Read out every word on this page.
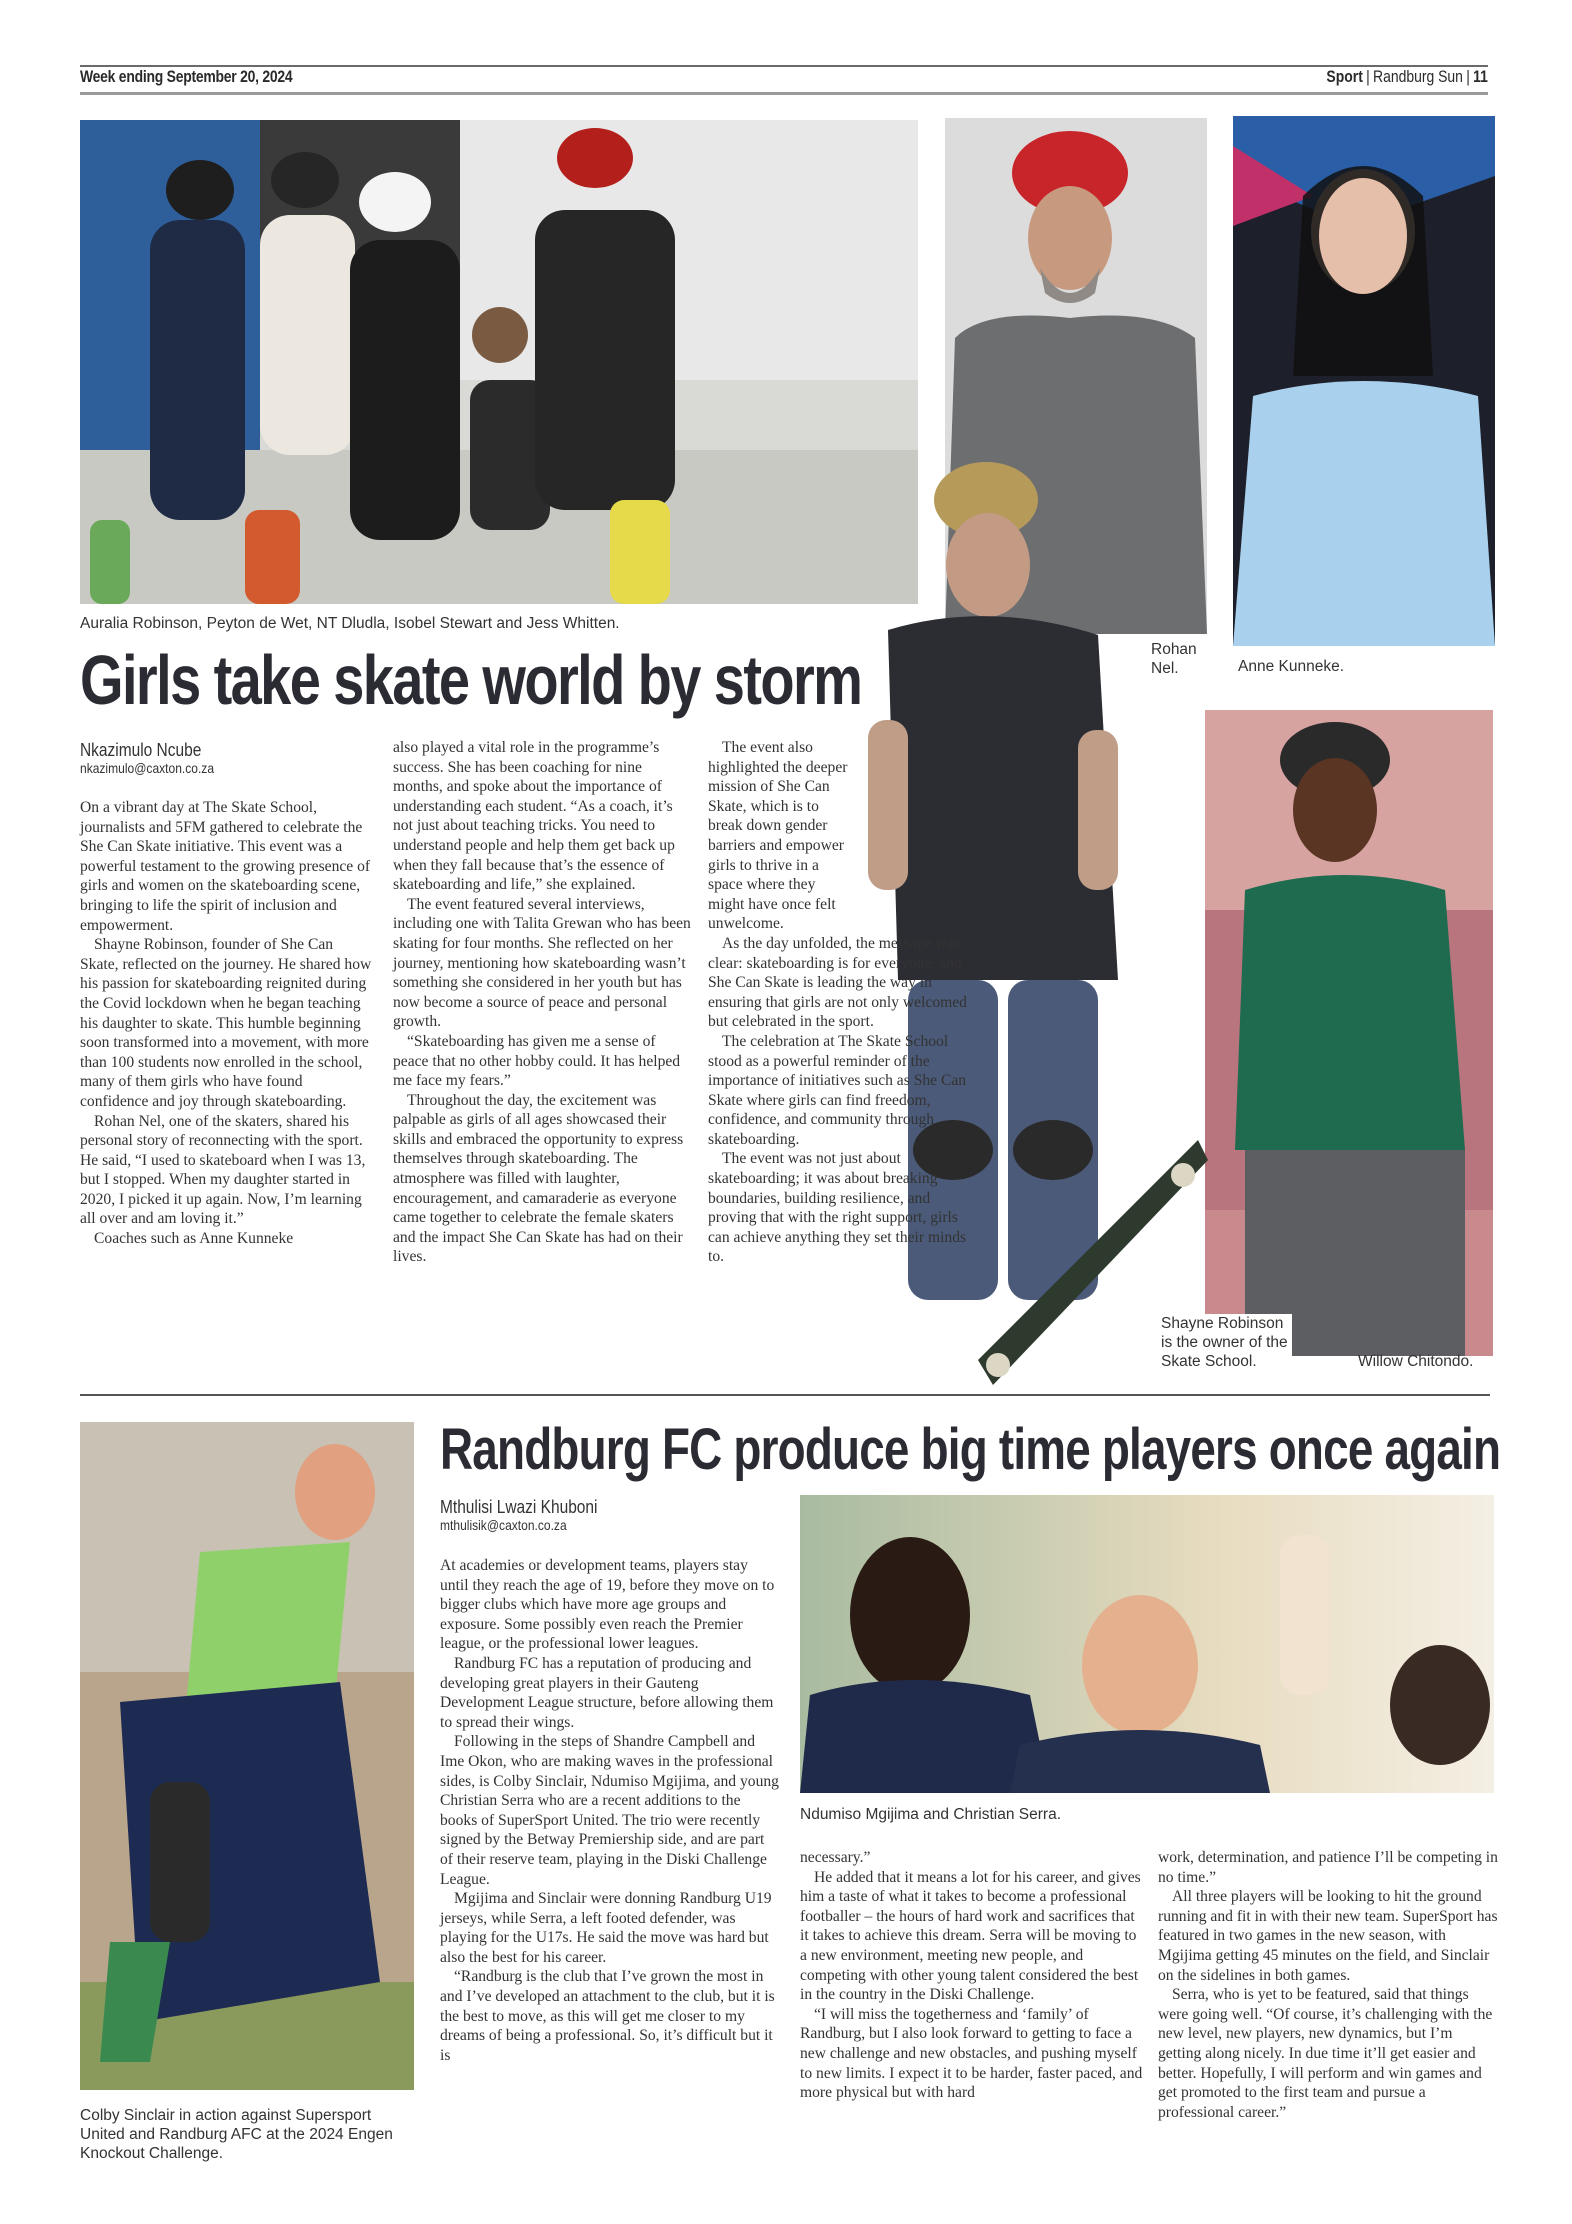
Week ending September 20, 2024	Sport | Randburg Sun | 11
Auralia Robinson, Peyton de Wet, NT Dludla, Isobel Stewart and Jess Whitten.
Rohan
Nel.	Anne Kunneke.
Willow Chitondo.
Shayne Robinson
is the owner of the
Skate School.
Girls take skate world by storm
Nkazimulo Ncube
nkazimulo@caxton.co.za

On a vibrant day at The Skate School, journalists and 5FM gathered to celebrate the She Can Skate initiative. This event was a powerful testament to the growing presence of girls and women on the skateboarding scene, bringing to life the spirit of inclusion and empowerment.

Shayne Robinson, founder of She Can Skate, reflected on the journey. He shared how his passion for skateboarding reignited during the Covid lockdown when he began teaching his daughter to skate. This humble beginning soon transformed into a movement, with more than 100 students now enrolled in the school, many of them girls who have found confidence and joy through skateboarding.

Rohan Nel, one of the skaters, shared his personal story of reconnecting with the sport. He said, “I used to skateboard when I was 13, but I stopped. When my daughter started in 2020, I picked it up again. Now, I’m learning all over and am loving it.”

Coaches such as Anne Kunneke

also played a vital role in the programme’s success. She has been coaching for nine months, and spoke about the importance of understanding each student. “As a coach, it’s not just about teaching tricks. You need to understand people and help them get back up when they fall because that’s the essence of skateboarding and life,” she explained.

The event featured several interviews, including one with Talita Grewan who has been skating for four months. She reflected on her journey, mentioning how skateboarding wasn’t something she considered in her youth but has now become a source of peace and personal growth.

“Skateboarding has given me a sense of peace that no other hobby could. It has helped me face my fears.”

Throughout the day, the excitement was palpable as girls of all ages showcased their skills and embraced the opportunity to express themselves through skateboarding. The atmosphere was filled with laughter, encouragement, and camaraderie as everyone came together to celebrate the female skaters and the impact She Can Skate has had on their lives.

The event also highlighted the deeper mission of She Can Skate, which is to break down gender barriers and empower girls to thrive in a space where they might have once felt unwelcome.

As the day unfolded, the message was clear: skateboarding is for everyone, and She Can Skate is leading the way in ensuring that girls are not only welcomed but celebrated in the sport.

The celebration at The Skate School stood as a powerful reminder of the importance of initiatives such as She Can Skate where girls can find freedom, confidence, and community through skateboarding.

The event was not just about skateboarding; it was about breaking boundaries, building resilience, and proving that with the right support, girls can achieve anything they set their minds to.

Colby Sinclair in action against Supersport United and Randburg AFC at the 2024 Engen Knockout Challenge.
Randburg FC produce big time players once again
Mthulisi Lwazi Khuboni
mthulisik@caxton.co.za
Ndumiso Mgijima and Christian Serra.

At academies or development teams, players stay until they reach the age of 19, before they move on to bigger clubs which have more age groups and exposure. Some possibly even reach the Premier league, or the professional lower leagues.

Randburg FC has a reputation of producing and developing great players in their Gauteng Development League structure, before allowing them to spread their wings.

Following in the steps of Shandre Campbell and Ime Okon, who are making waves in the professional sides, is Colby Sinclair, Ndumiso Mgijima, and young Christian Serra who are a recent additions to the books of SuperSport United. The trio were recently signed by the Betway Premiership side, and are part of their reserve team, playing in the Diski Challenge League.

Mgijima and Sinclair were donning Randburg U19 jerseys, while Serra, a left footed defender, was playing for the U17s. He said the move was hard but also the best for his career.

“Randburg is the club that I’ve grown the most in and I’ve developed an attachment to the club, but it is the best to move, as this will get me closer to my dreams of being a professional. So, it’s difficult but it is

necessary.”

He added that it means a lot for his career, and gives him a taste of what it takes to become a professional footballer – the hours of hard work and sacrifices that it takes to achieve this dream. Serra will be moving to a new environment, meeting new people, and competing with other young talent considered the best in the country in the Diski Challenge.

“I will miss the togetherness and ‘family’ of Randburg, but I also look forward to getting to face a new challenge and new obstacles, and pushing myself to new limits. I expect it to be harder, faster paced, and more physical but with hard

work, determination, and patience I’ll be competing in no time.”

All three players will be looking to hit the ground running and fit in with their new team. SuperSport has featured in two games in the new season, with Mgijima getting 45 minutes on the field, and Sinclair on the sidelines in both games.

Serra, who is yet to be featured, said that things were going well. “Of course, it’s challenging with the new level, new players, new dynamics, but I’m getting along nicely. In due time it’ll get easier and better. Hopefully, I will perform and win games and get promoted to the first team and pursue a professional career.”
